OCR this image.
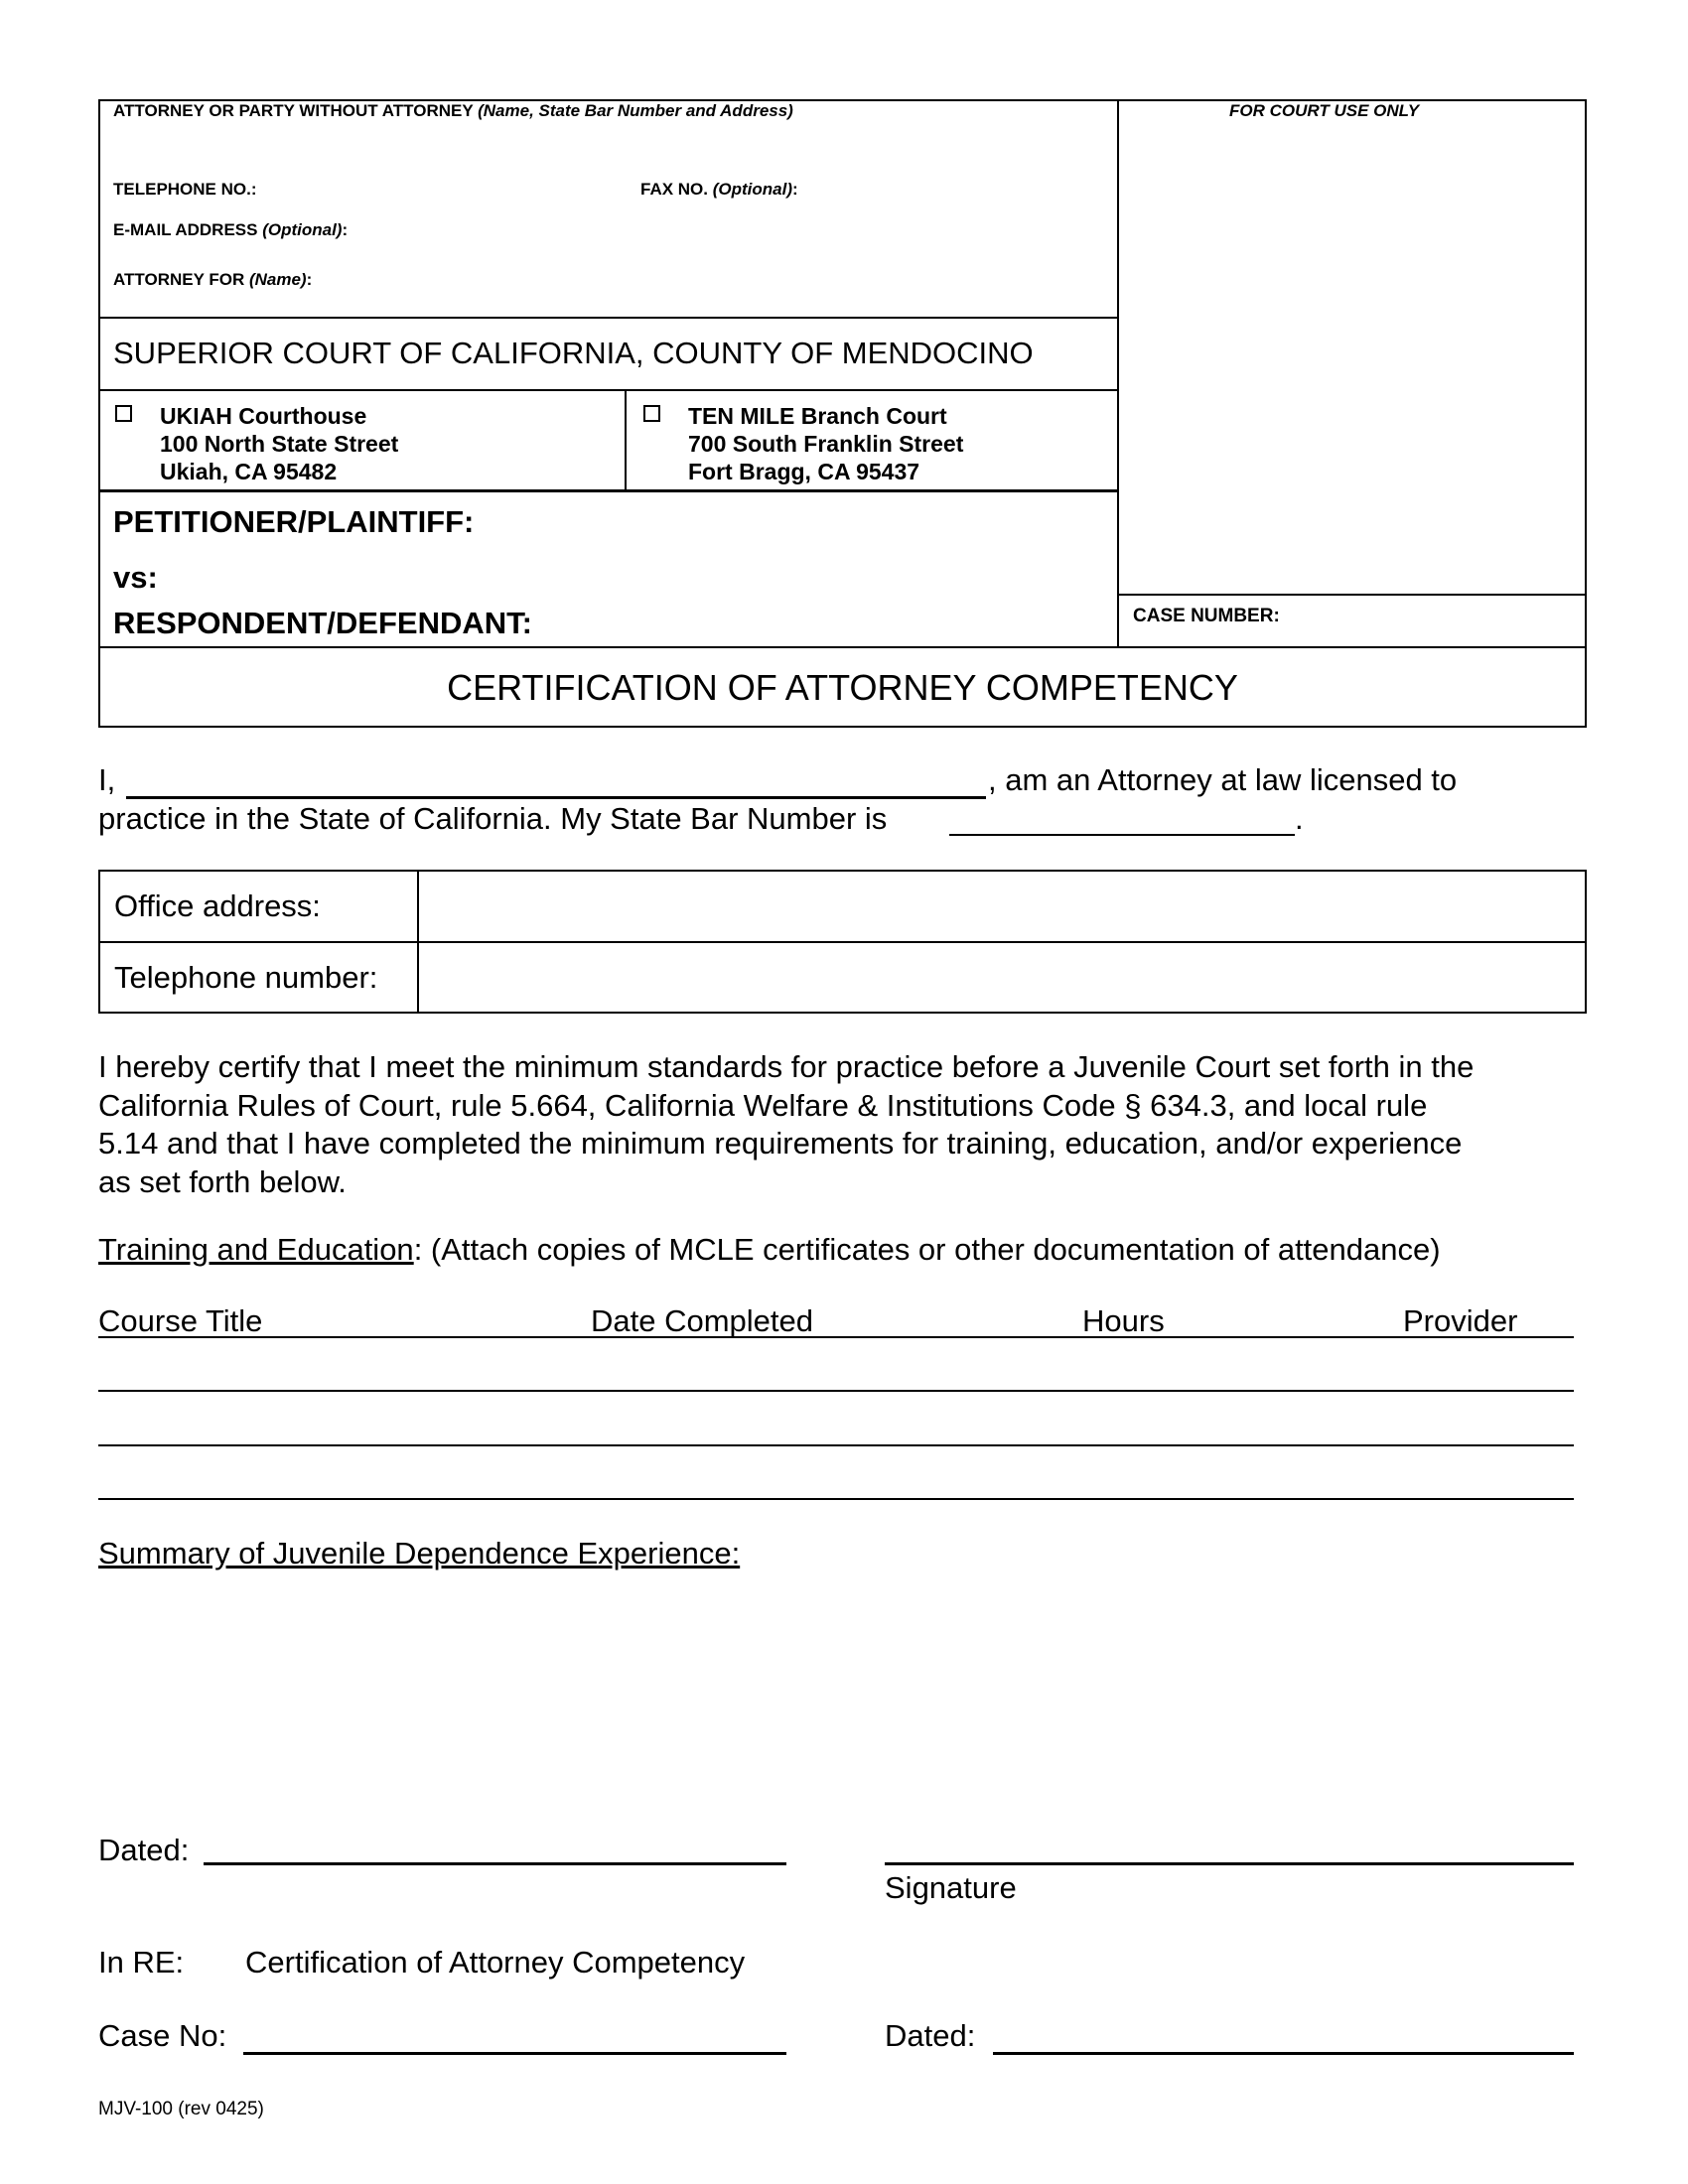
ATTORNEY OR PARTY WITHOUT ATTORNEY (Name, State Bar Number and Address)	FOR COURT USE ONLY
TELEPHONE NO.:	FAX NO. (Optional):
E-MAIL ADDRESS (Optional):
ATTORNEY FOR (Name):
SUPERIOR COURT OF CALIFORNIA, COUNTY OF MENDOCINO
UKIAH Courthouse
100 North State Street
Ukiah, CA 95482
TEN MILE Branch Court
700 South Franklin Street
Fort Bragg, CA 95437
PETITIONER/PLAINTIFF:
vs:
RESPONDENT/DEFENDANT:	CASE NUMBER:
CERTIFICATION OF ATTORNEY COMPETENCY
I,	, am an Attorney at law licensed to
practice in the State of California. My State Bar Number is	.
Office address:
Telephone number:
I hereby certify that I meet the minimum standards for practice before a Juvenile Court set forth in the
California Rules of Court, rule 5.664, California Welfare & Institutions Code § 634.3, and local rule
5.14 and that I have completed the minimum requirements for training, education, and/or experience
as set forth below.
Training and Education: (Attach copies of MCLE certificates or other documentation of attendance)
Course Title	Date Completed	Hours	Provider
Summary of Juvenile Dependence Experience:
Dated:
Signature
In RE: Certification of Attorney Competency
Case No:	Dated:
MJV-100 (rev 0425)
